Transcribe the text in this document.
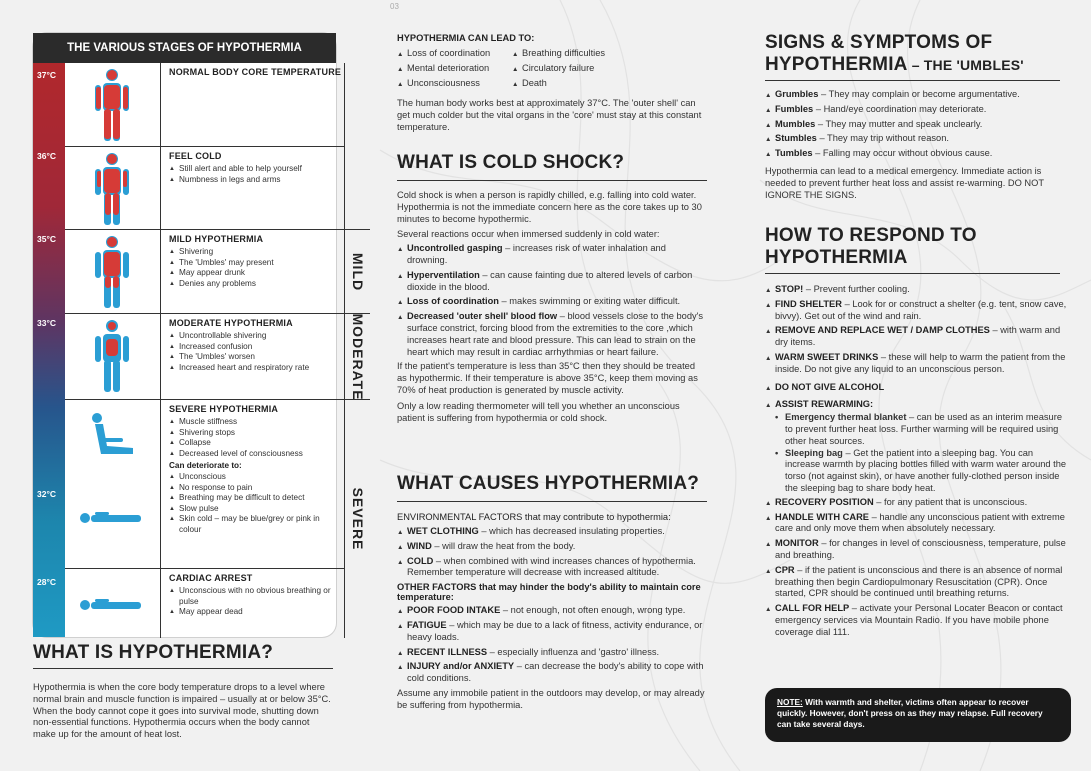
03
THE VARIOUS STAGES OF HYPOTHERMIA
37°C
36°C
35°C
33°C
32°C
28°C
NORMAL BODY CORE TEMPERATURE
FEEL COLD
▲ Still alert and able to help yourself
▲ Numbness in legs and arms
MILD HYPOTHERMIA
▲ Shivering
▲ The 'Umbles' may present
▲ May appear drunk
▲ Denies any problems
MODERATE HYPOTHERMIA
▲ Uncontrollable shivering
▲ Increased confusion
▲ The 'Umbles' worsen
▲ Increased heart and respiratory rate
SEVERE HYPOTHERMIA
▲ Muscle stiffness
▲ Shivering stops
▲ Collapse
▲ Decreased level of consciousness
Can deteriorate to:
▲ Unconscious
▲ No response to pain
▲ Breathing may be difficult to detect
▲ Slow pulse
▲ Skin cold – may be blue/grey or pink in colour
CARDIAC ARREST
▲ Unconscious with no obvious breathing or pulse
▲ May appear dead
MILD
MODERATE
SEVERE
WHAT IS HYPOTHERMIA?
Hypothermia is when the core body temperature drops to a level where normal brain and muscle function is impaired – usually at or below 35°C. When the body cannot cope it goes into survival mode, shutting down non-essential functions. Hypothermia occurs when the body cannot make up for the amount of heat lost.
HYPOTHERMIA CAN LEAD TO:
▲ Loss of coordination
▲ Mental deterioration
▲ Unconsciousness
▲ Breathing difficulties
▲ Circulatory failure
▲ Death
The human body works best at approximately 37°C. The 'outer shell' can get much colder but the vital organs in the 'core' must stay at this constant temperature.
WHAT IS COLD SHOCK?
Cold shock is when a person is rapidly chilled, e.g. falling into cold water. Hypothermia is not the immediate concern here as the core takes up to 30 minutes to become hypothermic.
Several reactions occur when immersed suddenly in cold water:
▲ Uncontrolled gasping – increases risk of water inhalation and drowning.
▲ Hyperventilation – can cause fainting due to altered levels of carbon dioxide in the blood.
▲ Loss of coordination – makes swimming or exiting water difficult.
▲ Decreased 'outer shell' blood flow – blood vessels close to the body's surface constrict, forcing blood from the extremities to the core ,which increases heart rate and blood pressure. This can lead to strain on the heart which may result in cardiac arrhythmias or heart failure.
If the patient's temperature is less than 35°C then they should be treated as hypothermic. If their temperature is above 35°C, keep them moving as 70% of heat production is generated by muscle activity.
Only a low reading thermometer will tell you whether an unconscious patient is suffering from hypothermia or cold shock.
WHAT CAUSES HYPOTHERMIA?
ENVIRONMENTAL FACTORS that may contribute to hypothermia:
▲ WET CLOTHING – which has decreased insulating properties.
▲ WIND – will draw the heat from the body.
▲ COLD – when combined with wind increases chances of hypothermia. Remember temperature will decrease with increased altitude.
OTHER FACTORS that may hinder the body's ability to maintain core temperature:
▲ POOR FOOD INTAKE – not enough, not often enough, wrong type.
▲ FATIGUE – which may be due to a lack of fitness, activity endurance, or heavy loads.
▲ RECENT ILLNESS – especially influenza and 'gastro' illness.
▲ INJURY and/or ANXIETY – can decrease the body's ability to cope with cold conditions.
Assume any immobile patient in the outdoors may develop, or may already be suffering from hypothermia.
SIGNS & SYMPTOMS OF
HYPOTHERMIA – THE 'UMBLES'
▲ Grumbles – They may complain or become argumentative.
▲ Fumbles – Hand/eye coordination may deteriorate.
▲ Mumbles – They may mutter and speak unclearly.
▲ Stumbles – They may trip without reason.
▲ Tumbles – Falling may occur without obvious cause.
Hypothermia can lead to a medical emergency. Immediate action is needed to prevent further heat loss and assist re-warming. DO NOT IGNORE THE SIGNS.
HOW TO RESPOND TO
HYPOTHERMIA
▲ STOP! – Prevent further cooling.
▲ FIND SHELTER – Look for or construct a shelter (e.g. tent, snow cave, bivvy). Get out of the wind and rain.
▲ REMOVE AND REPLACE WET / DAMP CLOTHES – with warm and dry items.
▲ WARM SWEET DRINKS – these will help to warm the patient from the inside. Do not give any liquid to an unconscious person.
▲ DO NOT GIVE ALCOHOL
▲ ASSIST REWARMING:
• Emergency thermal blanket – can be used as an interim measure to prevent further heat loss. Further warming will be required using other heat sources.
• Sleeping bag – Get the patient into a sleeping bag. You can increase warmth by placing bottles filled with warm water around the torso (not against skin), or have another fully-clothed person inside the sleeping bag to share body heat.
▲ RECOVERY POSITION – for any patient that is unconscious.
▲ HANDLE WITH CARE – handle any unconscious patient with extreme care and only move them when absolutely necessary.
▲ MONITOR – for changes in level of consciousness, temperature, pulse and breathing.
▲ CPR – if the patient is unconscious and there is an absence of normal breathing then begin Cardiopulmonary Resuscitation (CPR). Once started, CPR should be continued until breathing returns.
▲ CALL FOR HELP – activate your Personal Locater Beacon or contact emergency services via Mountain Radio. If you have mobile phone coverage dial 111.
NOTE: With warmth and shelter, victims often appear to recover quickly. However, don't press on as they may relapse. Full recovery can take several days.
